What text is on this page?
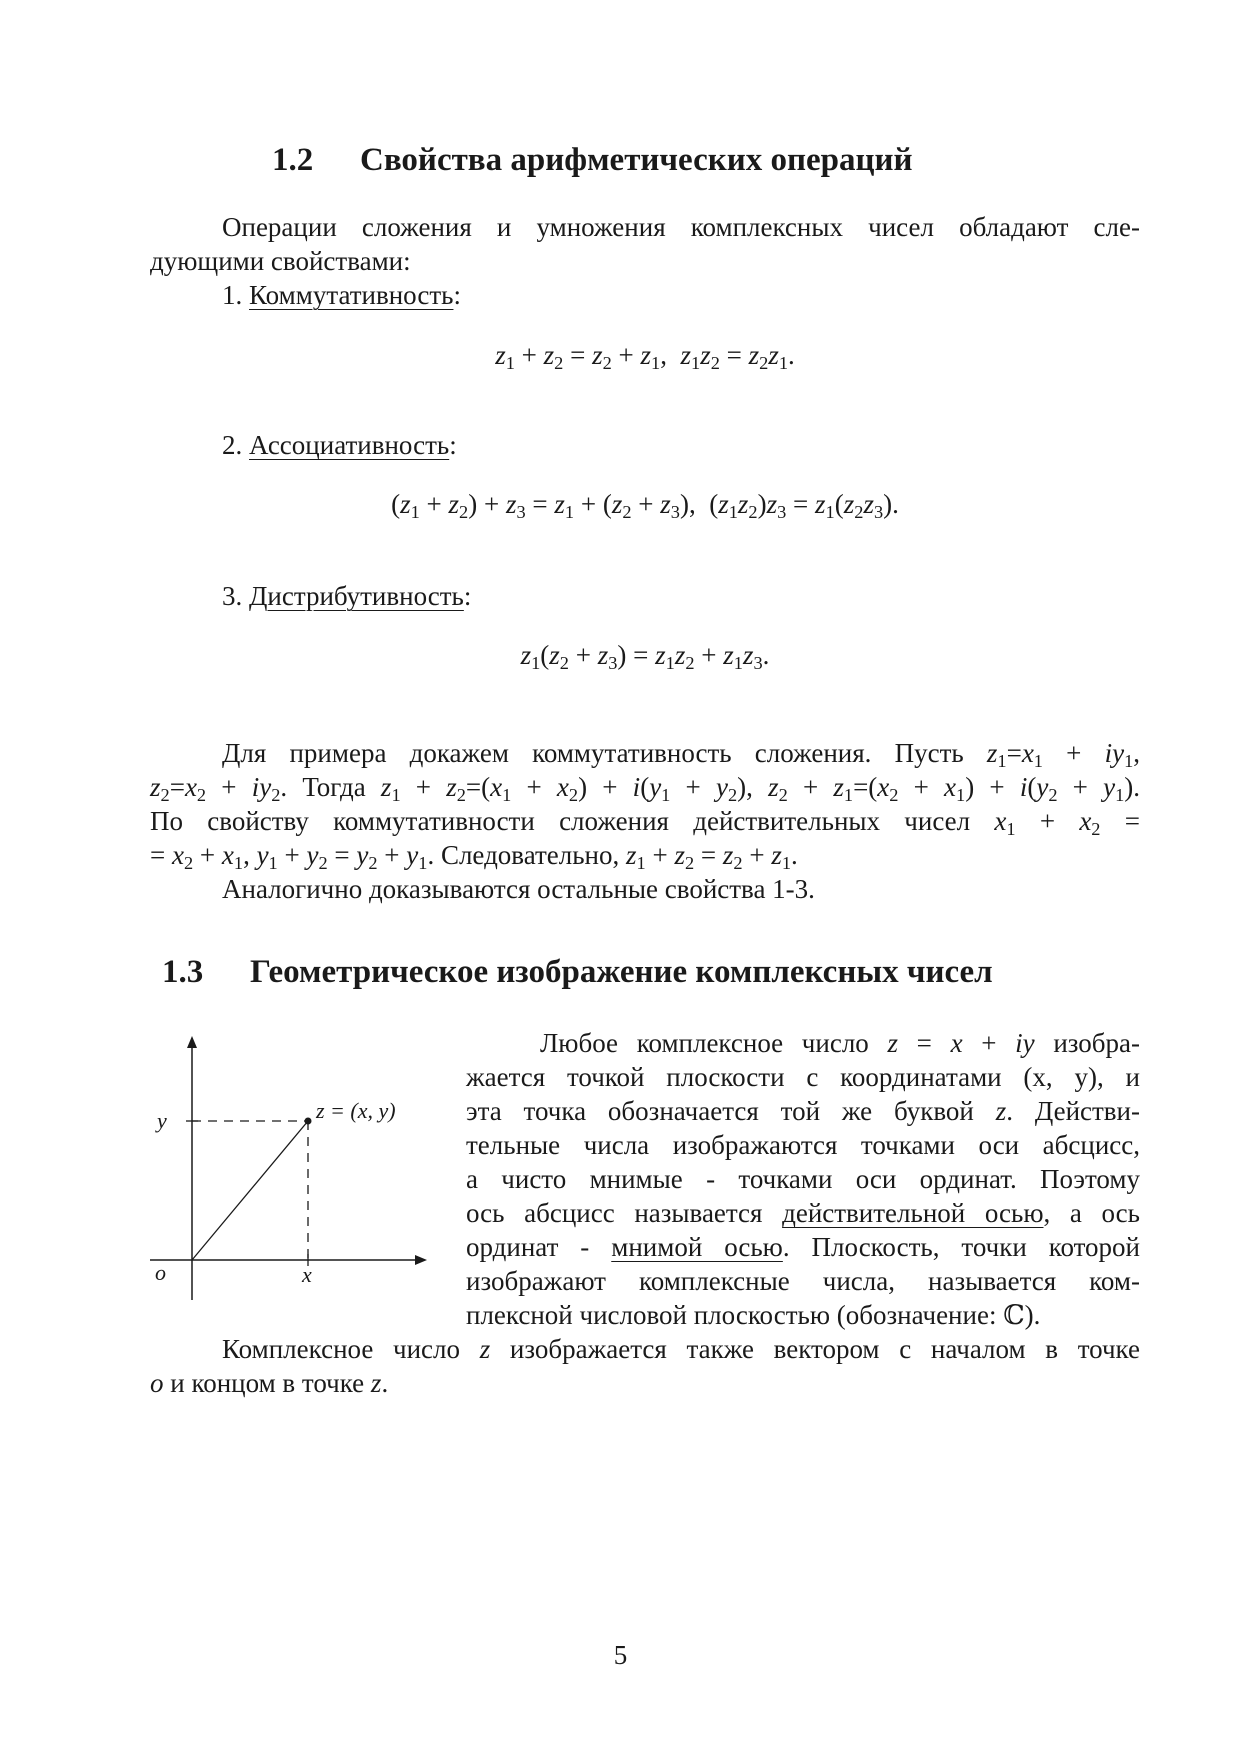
1.2 Свойства арифметических операций
Операции сложения и умножения комплексных чисел обладают сле-
дующими свойствами:
1. Коммутативность:
$z_1 + z_2 = z_2 + z_1$,  $z_1z_2 = z_2z_1$.
2. Ассоциативность:
$(z_1 + z_2) + z_3 = z_1 + (z_2 + z_3)$,  $(z_1z_2)z_3 = z_1(z_2z_3)$.
3. Дистрибутивность:
$z_1(z_2 + z_3) = z_1z_2 + z_1z_3$.
Для примера докажем коммутативность сложения. Пусть $z_1=x_1 + iy_1$,
$z_2=x_2 + iy_2$. Тогда $z_1 + z_2=(x_1 + x_2) + i(y_1 + y_2)$, $z_2 + z_1=(x_2 + x_1) + i(y_2 + y_1)$.
По свойству коммутативности сложения действительных чисел $x_1 + x_2$ =
= $x_2 + x_1$, $y_1 + y_2 = y_2 + y_1$. Следовательно, $z_1 + z_2 = z_2 + z_1$.
Аналогично доказываются остальные свойства 1-3.
1.3 Геометрическое изображение комплексных чисел
y
x
o
z = (x, y)
Любое комплексное число z = x + iy изобра-
жается точкой плоскости с координатами (x, y), и
эта точка обозначается той же буквой z. Действи-
тельные числа изображаются точками оси абсцисс,
а чисто мнимые - точками оси ординат. Поэтому
ось абсцисс называется действительной осью, а ось
ординат - мнимой осью. Плоскость, точки которой
изображают комплексные числа, называется ком-
плексной числовой плоскостью (обозначение: ℂ).
Комплексное число z изображается также вектором с началом в точке
o и концом в точке z.
5
